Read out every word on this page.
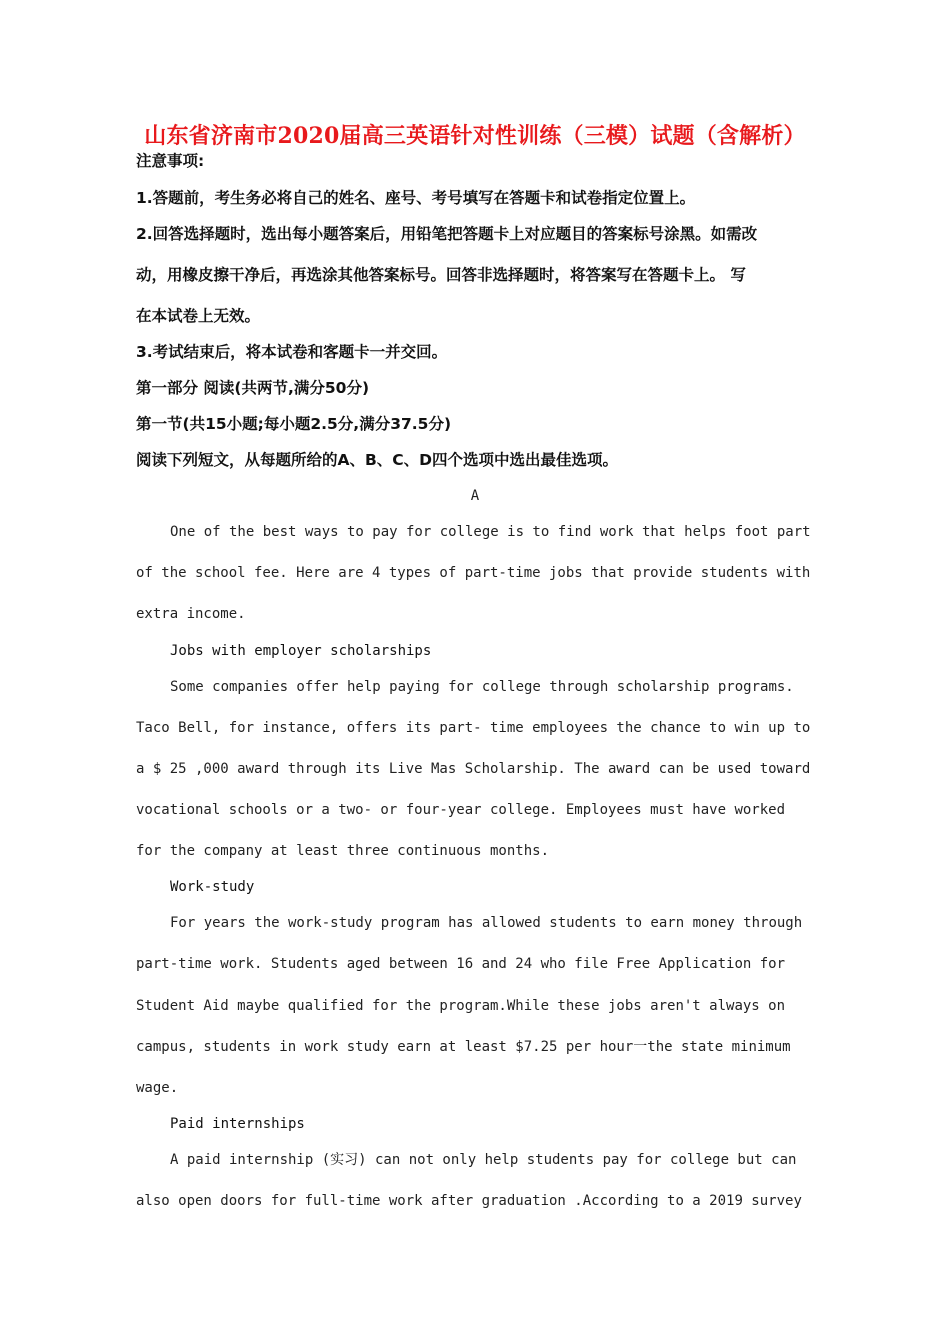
山东省济南市2020届高三英语针对性训练（三模）试题（含解析）
注意事项:
1.答题前，考生务必将自己的姓名、座号、考号填写在答题卡和试卷指定位置上。
2.回答选择题时，选出每小题答案后，用铅笔把答题卡上对应题目的答案标号涂黑。如需改
动，用橡皮擦干净后，再选涂其他答案标号。回答非选择题时，将答案写在答题卡上。 写
在本试卷上无效。
3.考试结束后，将本试卷和客题卡一并交回。
第一部分 阅读(共两节,满分50分)
第一节(共15小题;每小题2.5分,满分37.5分)
阅读下列短文，从每题所给的A、B、C、D四个选项中选出最佳选项。
A
One of the best ways to pay for college is to find work that helps foot part
of the school fee. Here are 4 types of part-time jobs that provide students with
extra income.
Jobs with employer scholarships
Some companies offer help paying for college through scholarship programs.
Taco Bell, for instance, offers its part- time employees the chance to win up to
a $ 25 ,000 award through its Live Mas Scholarship. The award can be used toward
vocational schools or a two- or four-year college. Employees must have worked
for the company at least three continuous months.
Work-study
For years the work-study program has allowed students to earn money through
part-time work. Students aged between 16 and 24 who file Free Application for
Student Aid maybe qualified for the program.While these jobs aren't always on
campus, students in work study earn at least $7.25 per hour一the state minimum
wage.
Paid internships
A paid internship (实习) can not only help students pay for college but can
also open doors for full-time work after graduation .According to a 2019 survey
